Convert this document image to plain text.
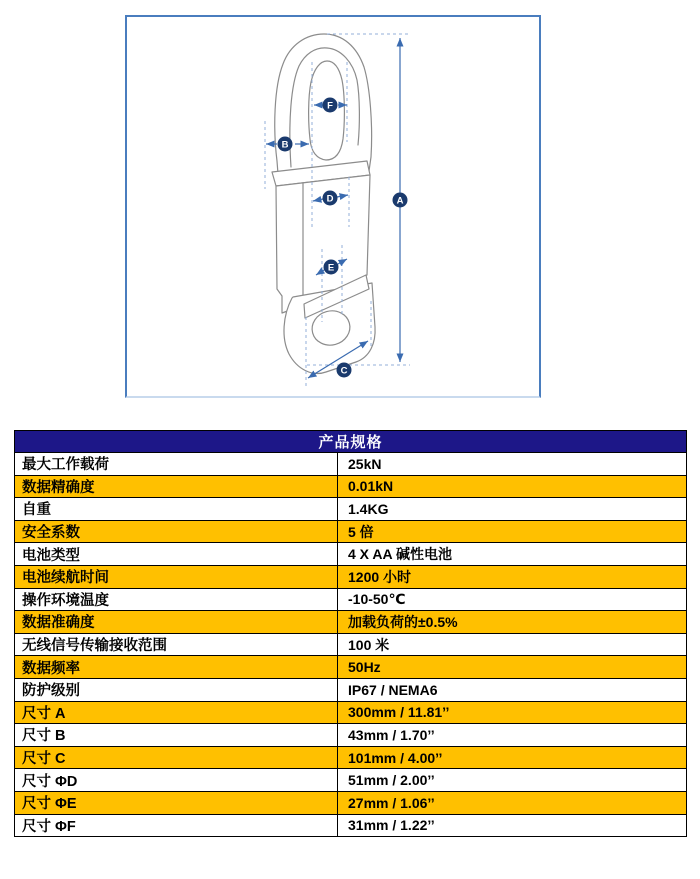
A
F
B
D
E
C
产品规格	
最大工作载荷	25kN
数据精确度	0.01kN
自重	1.4KG
安全系数	5 倍
电池类型	4 X AA 碱性电池
电池续航时间	1200 小时
操作环境温度	-10-50℃
数据准确度	加载负荷的±0.5%
无线信号传输接收范围	100 米
数据频率	50Hz
防护级别	IP67 / NEMA6
尺寸 A	300mm / 11.81’’
尺寸 B	43mm / 1.70’’
尺寸 C	101mm / 4.00’’
尺寸 ΦD	51mm / 2.00’’
尺寸 ΦE	27mm / 1.06’’
尺寸 ΦF	31mm / 1.22’’
